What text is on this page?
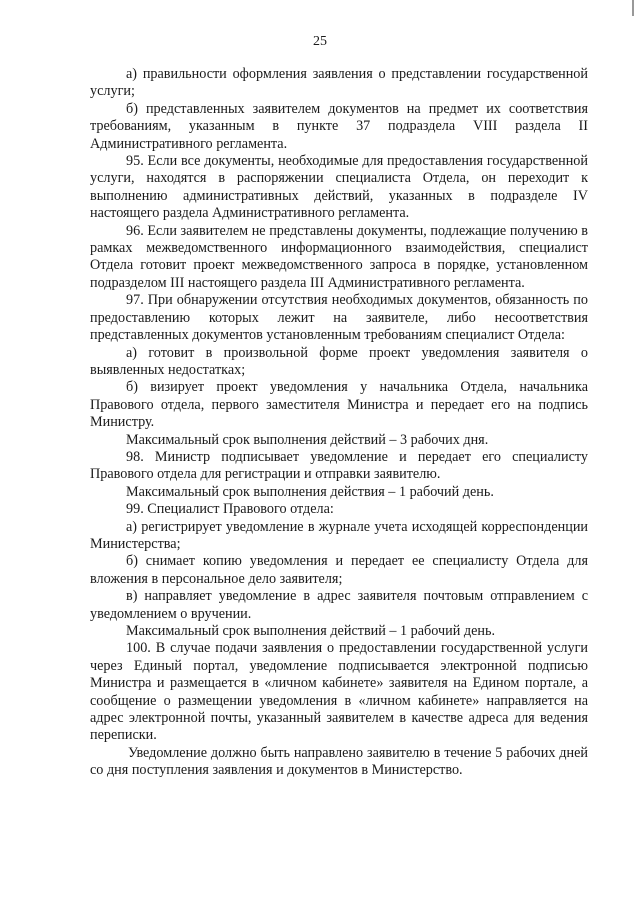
25

а) правильности оформления заявления о представлении государственной услуги;

б) представленных заявителем документов на предмет их соответствия требованиям, указанным в пункте 37 подраздела VIII раздела II Административного регламента.

95. Если все документы, необходимые для предоставления государственной услуги, находятся в распоряжении специалиста Отдела, он переходит к выполнению административных действий, указанных в подразделе IV настоящего раздела Административного регламента.

96. Если заявителем не представлены документы, подлежащие получению в рамках межведомственного информационного взаимодействия, специалист Отдела готовит проект межведомственного запроса в порядке, установленном подразделом III настоящего раздела III Административного регламента.

97. При обнаружении отсутствия необходимых документов, обязанность по предоставлению которых лежит на заявителе, либо несоответствия представленных документов установленным требованиям специалист Отдела:

а) готовит в произвольной форме проект уведомления заявителя о выявленных недостатках;

б) визирует проект уведомления у начальника Отдела, начальника Правового отдела, первого заместителя Министра и передает его на подпись Министру.

Максимальный срок выполнения действий – 3 рабочих дня.

98. Министр подписывает уведомление и передает его специалисту Правового отдела для регистрации и отправки заявителю.

Максимальный срок выполнения действия – 1 рабочий день.

99. Специалист Правового отдела:

а) регистрирует уведомление в журнале учета исходящей корреспонденции Министерства;

б) снимает копию уведомления и передает ее специалисту Отдела для вложения в персональное дело заявителя;

в) направляет уведомление в адрес заявителя почтовым отправлением с уведомлением о вручении.

Максимальный срок выполнения действий – 1 рабочий день.

100. В случае подачи заявления о предоставлении государственной услуги через Единый портал, уведомление подписывается электронной подписью Министра и размещается в «личном кабинете» заявителя на Едином портале, а сообщение о размещении уведомления в «личном кабинете» направляется на адрес электронной почты, указанный заявителем в качестве адреса для ведения переписки.

Уведомление должно быть направлено заявителю в течение 5 рабочих дней со дня поступления заявления и документов в Министерство.
